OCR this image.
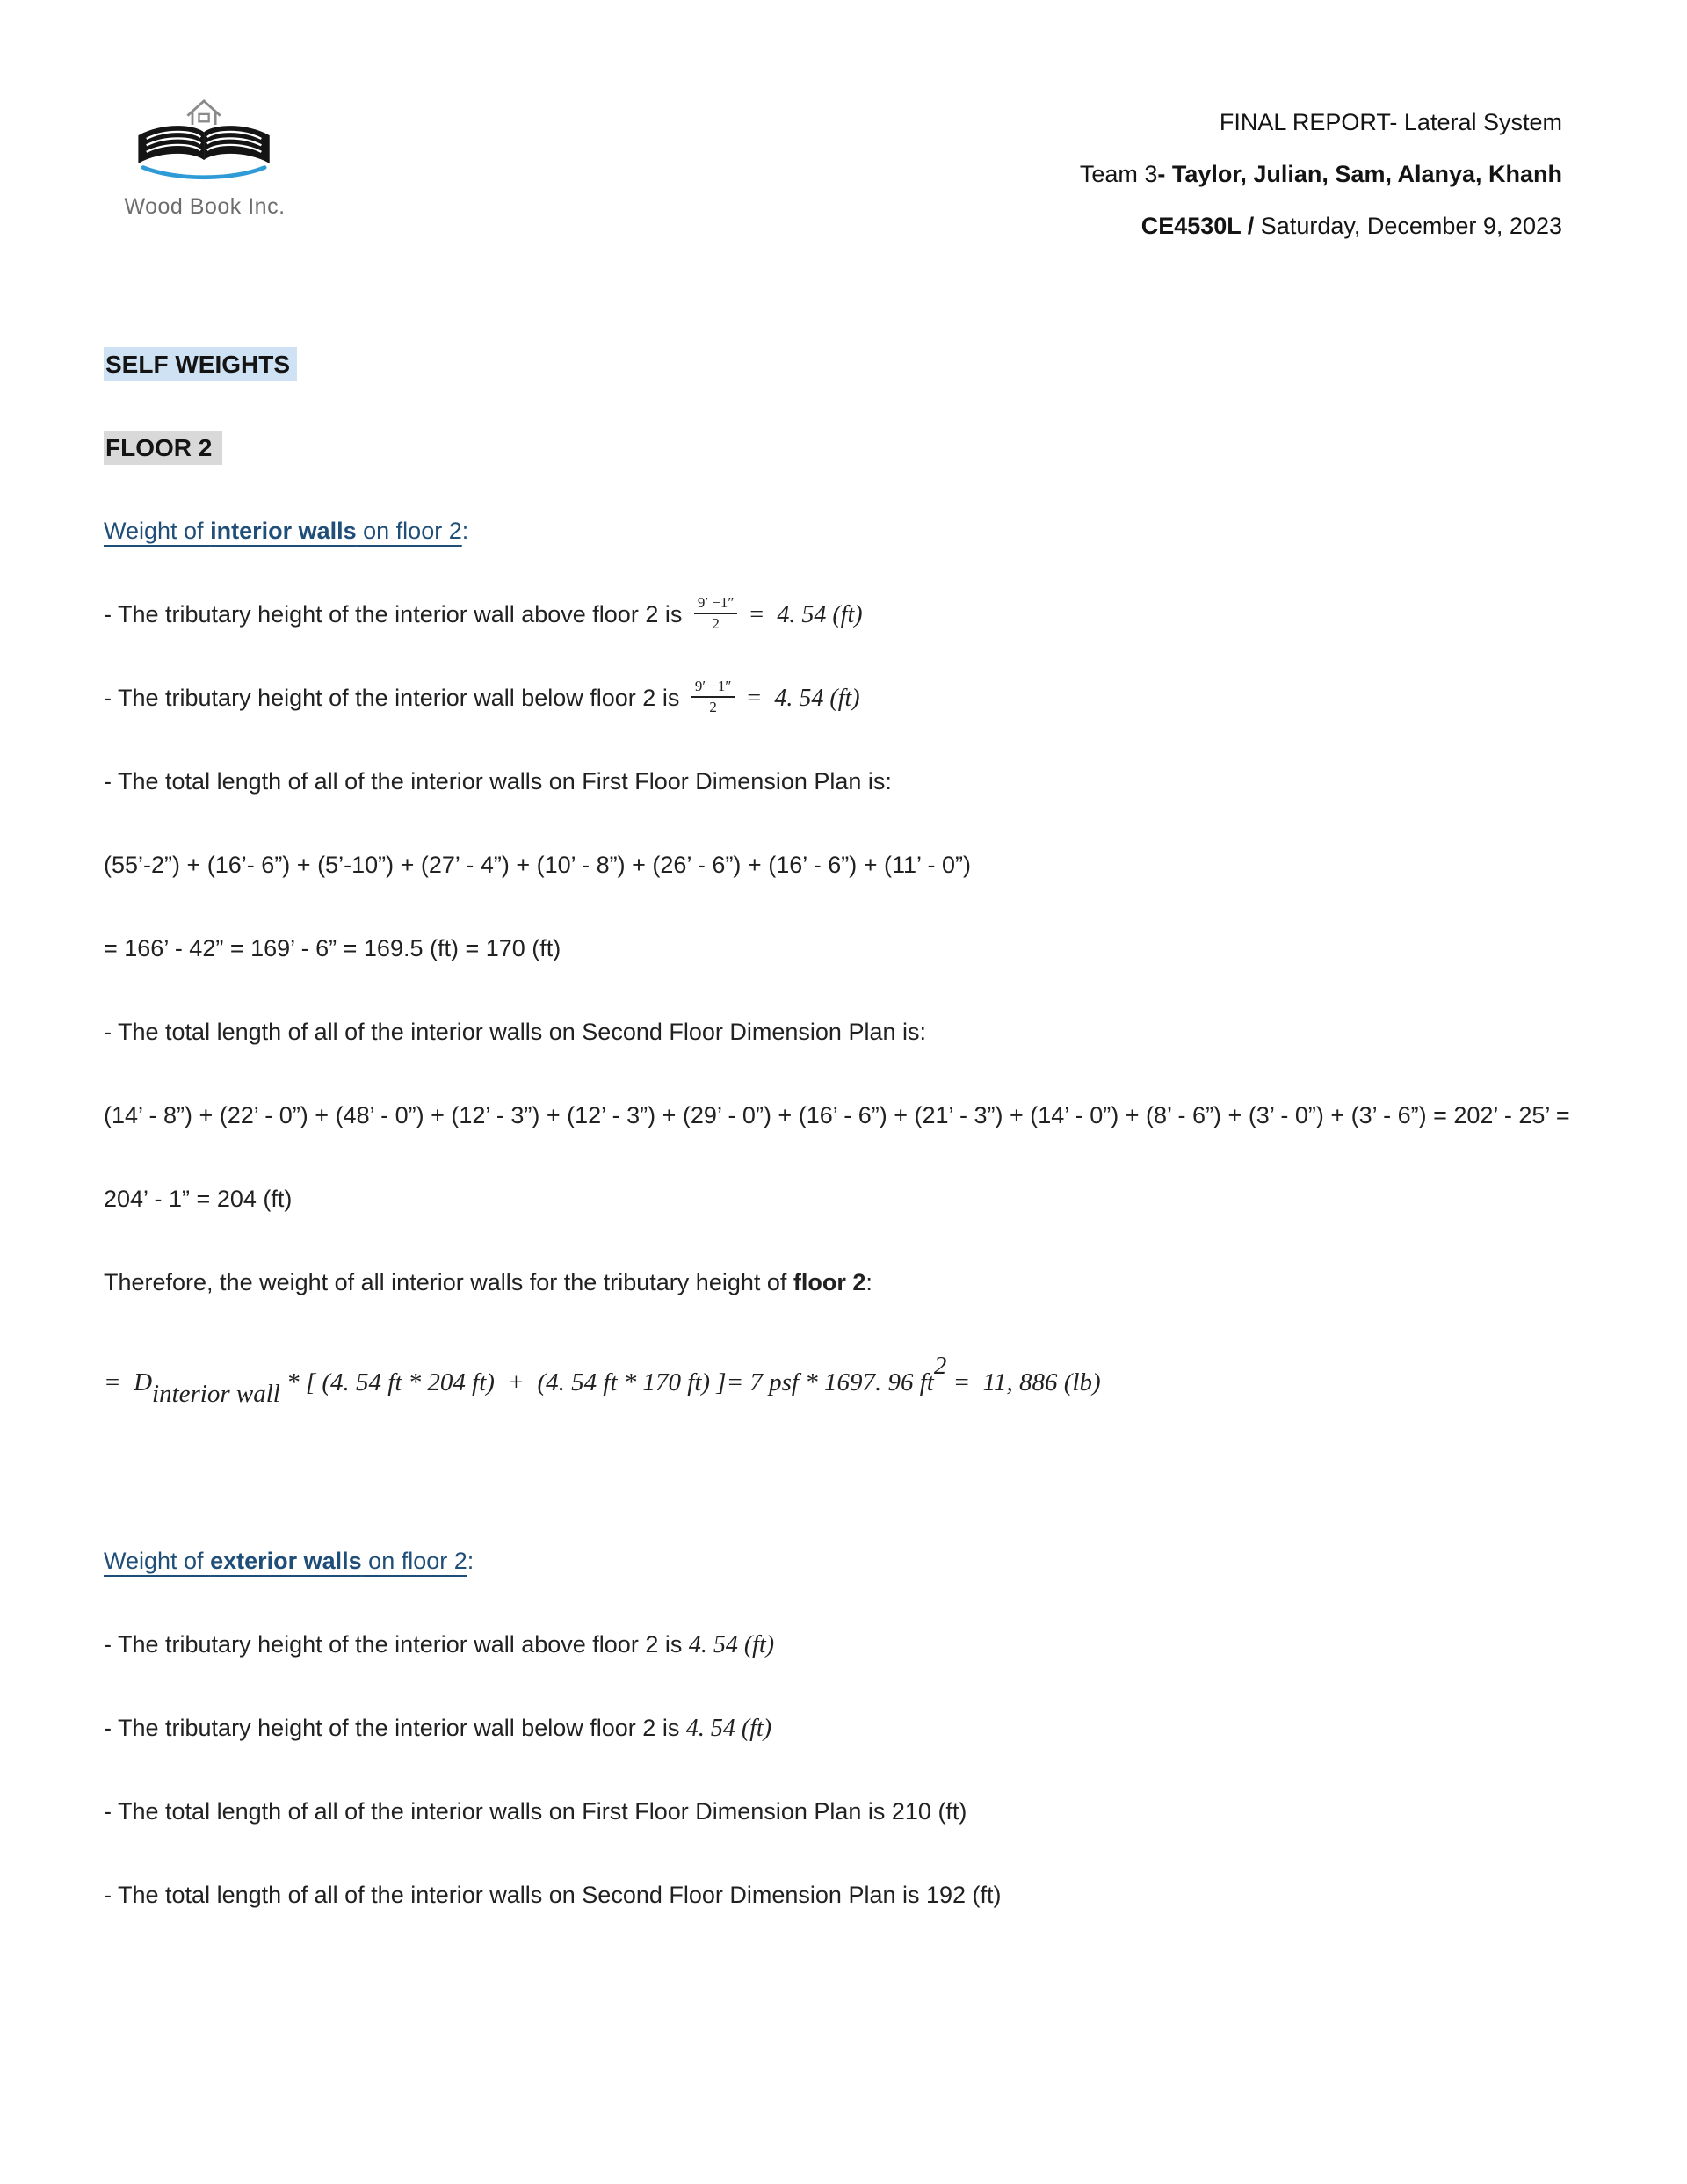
Wood Book Inc.
FINAL REPORT- Lateral System
Team 3- Taylor, Julian, Sam, Alanya, Khanh
CE4530L / Saturday, December 9, 2023

SELF WEIGHTS

FLOOR 2

Weight of interior walls on floor 2:

- The tributary height of the interior wall above floor 2 is $\frac{9' -1''}{2} = 4$. 54 (ft)

- The tributary height of the interior wall below floor 2 is $\frac{9' -1''}{2} = 4$. 54 (ft)

- The total length of all of the interior walls on First Floor Dimension Plan is:

(55’-2”) + (16’- 6”) + (5’-10”) + (27’ - 4”) + (10’ - 8”) + (26’ - 6”) + (16’ - 6”) + (11’ - 0”)

= 166’ - 42” = 169’ - 6” = 169.5 (ft) = 170 (ft)

- The total length of all of the interior walls on Second Floor Dimension Plan is:

(14’ - 8”) + (22’ - 0”) + (48’ - 0”) + (12’ - 3”) + (12’ - 3”) + (29’ - 0”) + (16’ - 6”) + (21’ - 3”) + (14’ - 0”) + (8’ - 6”) + (3’ - 0”) + (3’ - 6”) = 202’ - 25’ = 204’ - 1” = 204 (ft)

Therefore, the weight of all interior walls for the tributary height of floor 2:

=  $D_{interior wall}$ * [ (4. 54 ft * 204 ft)  +  (4. 54 ft * 170 ft) ]= 7 psf * 1697. 96 $ft^2 = 11$, 886 (lb)

Weight of exterior walls on floor 2:

- The tributary height of the interior wall above floor 2 is 4. 54 (ft)

- The tributary height of the interior wall below floor 2 is 4. 54 (ft)

- The total length of all of the interior walls on First Floor Dimension Plan is 210 (ft)

- The total length of all of the interior walls on Second Floor Dimension Plan is 192 (ft)
